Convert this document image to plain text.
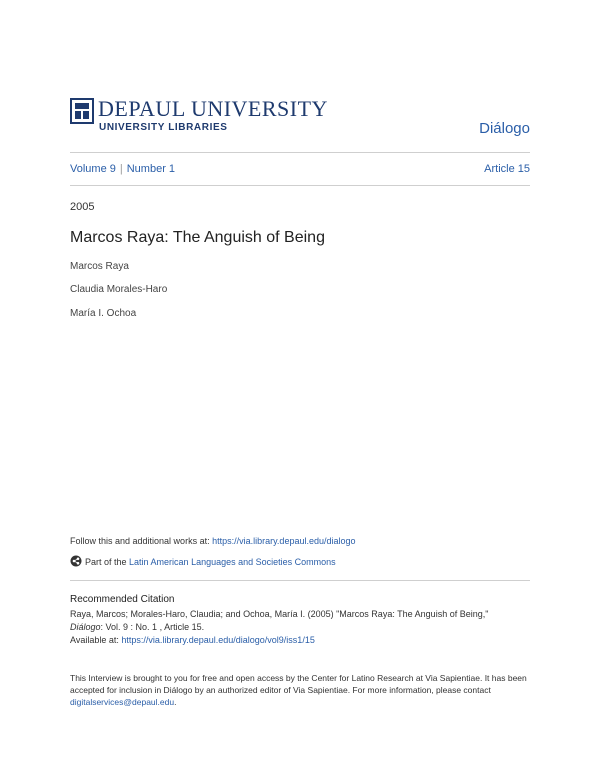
DEPAUL UNIVERSITY
UNIVERSITY LIBRARIES	Diálogo
Volume 9 | Number 1	Article 15
2005
Marcos Raya: The Anguish of Being
Marcos Raya
Claudia Morales-Haro
María I. Ochoa
Follow this and additional works at: https://via.library.depaul.edu/dialogo
Part of the Latin American Languages and Societies Commons
Recommended Citation
Raya, Marcos; Morales-Haro, Claudia; and Ochoa, María I. (2005) "Marcos Raya: The Anguish of Being,"
Diálogo: Vol. 9 : No. 1 , Article 15.
Available at: https://via.library.depaul.edu/dialogo/vol9/iss1/15
This Interview is brought to you for free and open access by the Center for Latino Research at Via Sapientiae. It has been accepted for inclusion in Diálogo by an authorized editor of Via Sapientiae. For more information, please contact digitalservices@depaul.edu.
